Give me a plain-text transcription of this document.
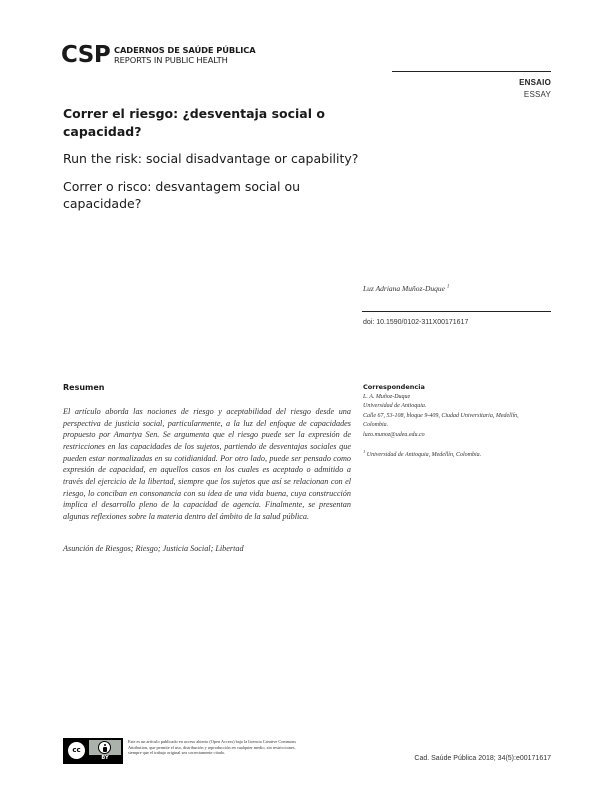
CSP CADERNOS DE SAÚDE PÚBLICA
REPORTS IN PUBLIC HEALTH
ENSAIO
ESSAY
Correr el riesgo: ¿desventaja social o capacidad?
Run the risk: social disadvantage or capability?
Correr o risco: desvantagem social ou capacidade?
Luz Adriana Muñoz-Duque $^1$
doi: 10.1590/0102-311X00171617
Resumen
El artículo aborda las nociones de riesgo y aceptabilidad del riesgo desde una perspectiva de justicia social, particularmente, a la luz del enfoque de capacidades propuesto por Amartya Sen. Se argumenta que el riesgo puede ser la expresión de restricciones en las capacidades de los sujetos, partiendo de desventajas sociales que pueden estar normalizadas en su cotidianidad. Por otro lado, puede ser pensado como expresión de capacidad, en aquellos casos en los cuales es aceptado o admitido a través del ejercicio de la libertad, siempre que los sujetos que así se relacionan con el riesgo, lo conciban en consonancia con su idea de una vida buena, cuya construcción implica el desarrollo pleno de la capacidad de agencia. Finalmente, se presentan algunas reflexiones sobre la materia dentro del ámbito de la salud pública.
Asunción de Riesgos; Riesgo; Justicia Social; Libertad
Correspondencia
L. A. Muñoz-Duque
Universidad de Antioquia.
Calle 67, 53-108, bloque 9-409, Ciudad Universitaria, Medellín,
Colombia.
luzo.munoz@udea.edu.co
$^1$ Universidad de Antioquia, Medellín, Colombia.
cc
BY
Este es un artículo publicado en acceso abierto (Open Access) bajo la licencia Creative Commons Attribution, que permite el uso, distribución y reproducción en cualquier medio, sin restricciones, siempre que el trabajo original sea correctamente citado.
Cad. Saúde Pública 2018; 34(5):e00171617
